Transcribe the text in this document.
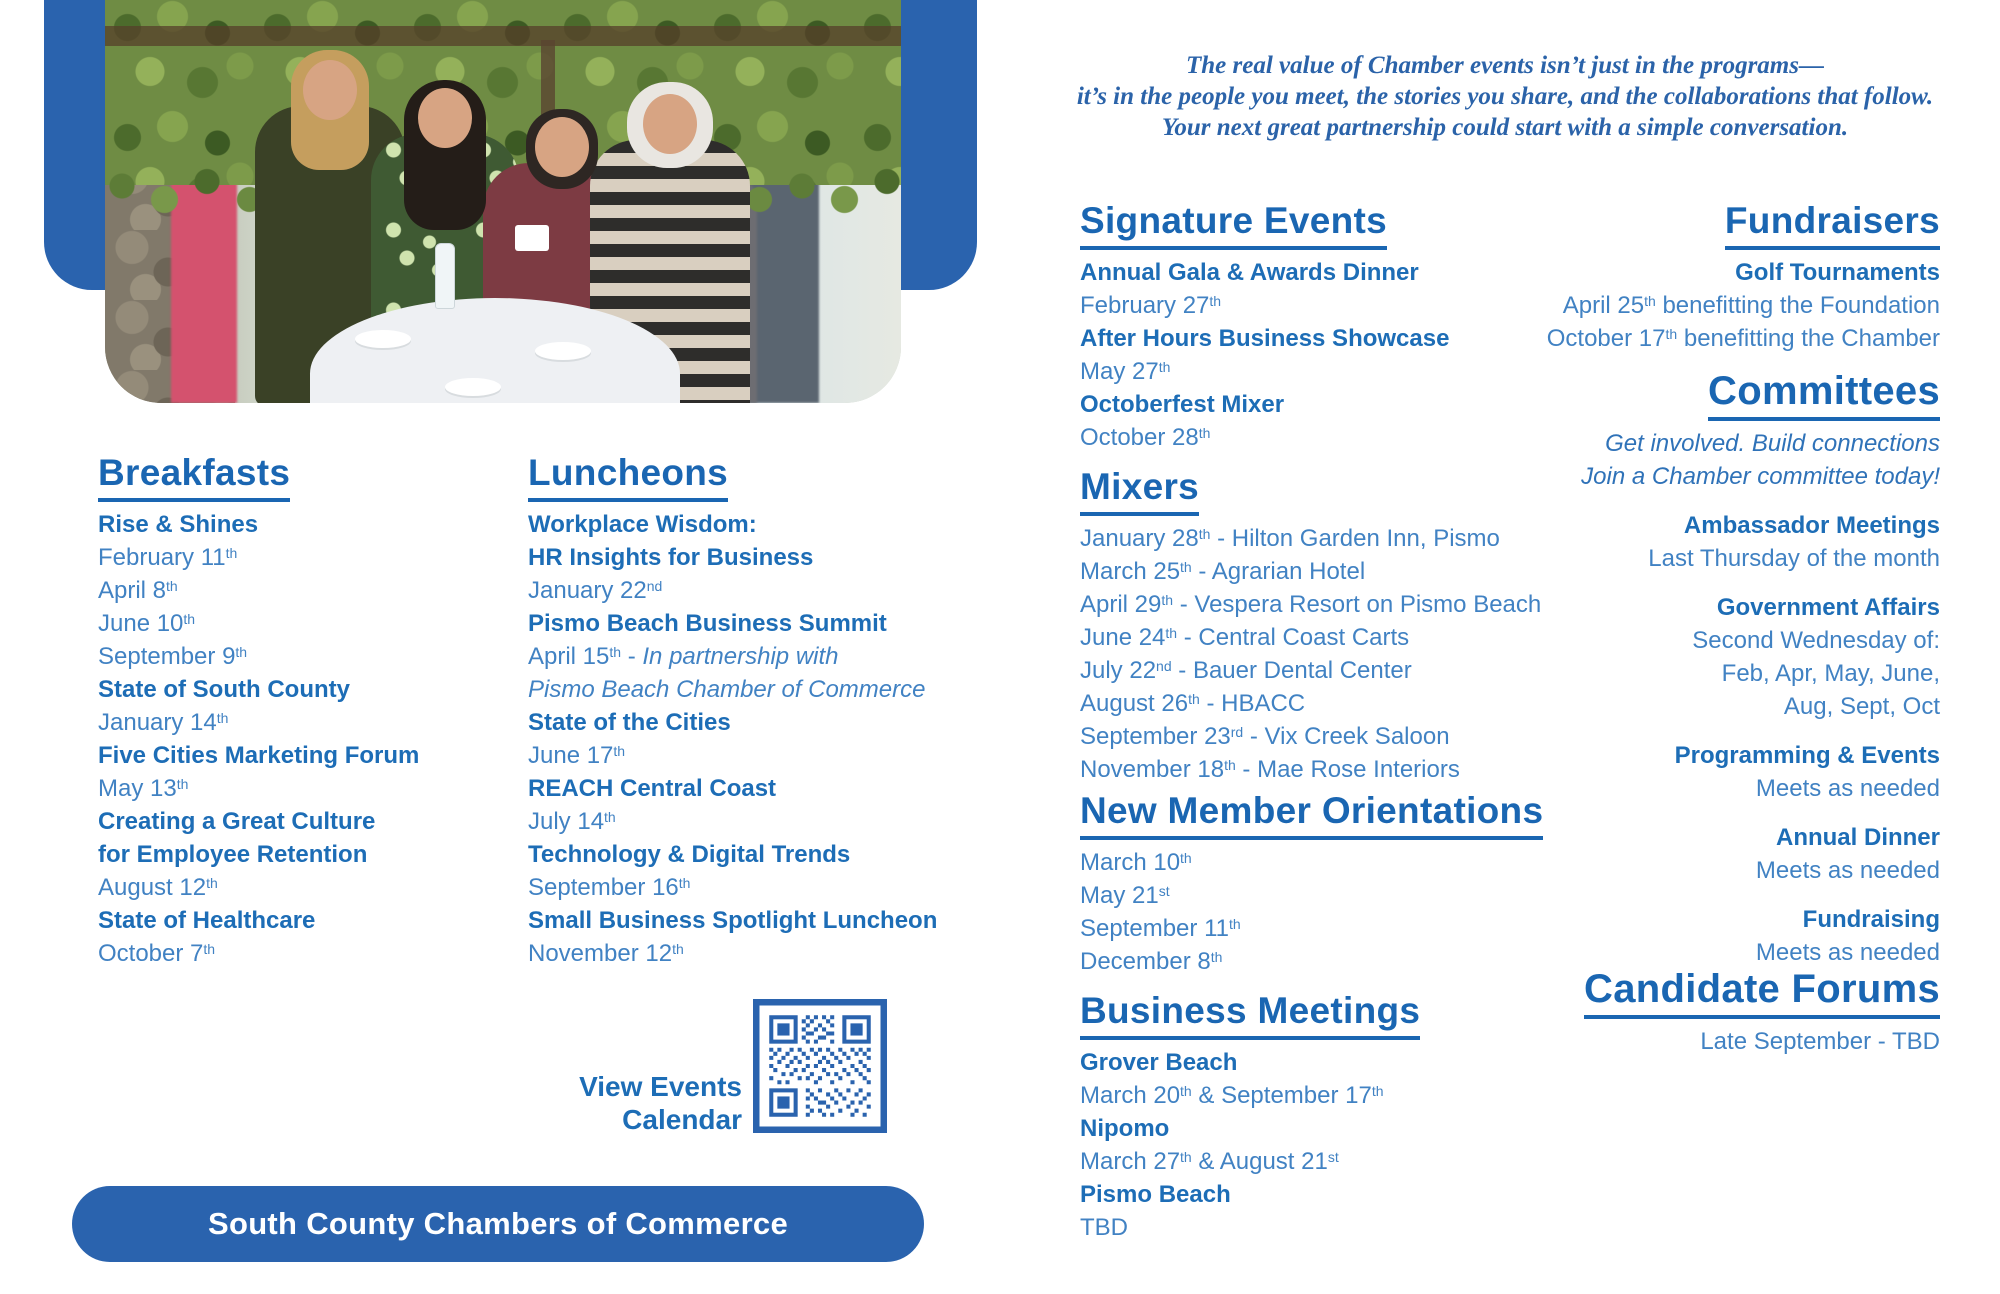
The real value of Chamber events isn’t just in the programs—
it’s in the people you meet, the stories you share, and the collaborations that follow.
Your next great partnership could start with a simple conversation.
Breakfasts
Rise & Shines
February 11th
April 8th
June 10th
September 9th
State of South County
January 14th
Five Cities Marketing Forum
May 13th
Creating a Great Culture
for Employee Retention
August 12th
State of Healthcare
October 7th
Luncheons
Workplace Wisdom:
HR Insights for Business
January 22nd
Pismo Beach Business Summit
April 15th - In partnership with
Pismo Beach Chamber of Commerce
State of the Cities
June 17th
REACH Central Coast
July 14th
Technology & Digital Trends
September 16th
Small Business Spotlight Luncheon
November 12th
View Events
Calendar
South County Chambers of Commerce
Signature Events
Annual Gala & Awards Dinner
February 27th
After Hours Business Showcase
May 27th
Octoberfest Mixer
October 28th
Mixers
January 28th - Hilton Garden Inn, Pismo
March 25th - Agrarian Hotel
April 29th - Vespera Resort on Pismo Beach
June 24th - Central Coast Carts
July 22nd - Bauer Dental Center
August 26th - HBACC
September 23rd - Vix Creek Saloon
November 18th - Mae Rose Interiors
New Member Orientations
March 10th
May 21st
September 11th
December 8th
Business Meetings
Grover Beach
March 20th & September 17th
Nipomo
March 27th & August 21st
Pismo Beach
TBD
Fundraisers
Golf Tournaments
April 25th benefitting the Foundation
October 17th benefitting the Chamber
Committees
Get involved. Build connections
Join a Chamber committee today!
Ambassador Meetings
Last Thursday of the month
Government Affairs
Second Wednesday of:
Feb, Apr, May, June,
Aug, Sept, Oct
Programming & Events
Meets as needed
Annual Dinner
Meets as needed
Fundraising
Meets as needed
Candidate Forums
Late September - TBD
